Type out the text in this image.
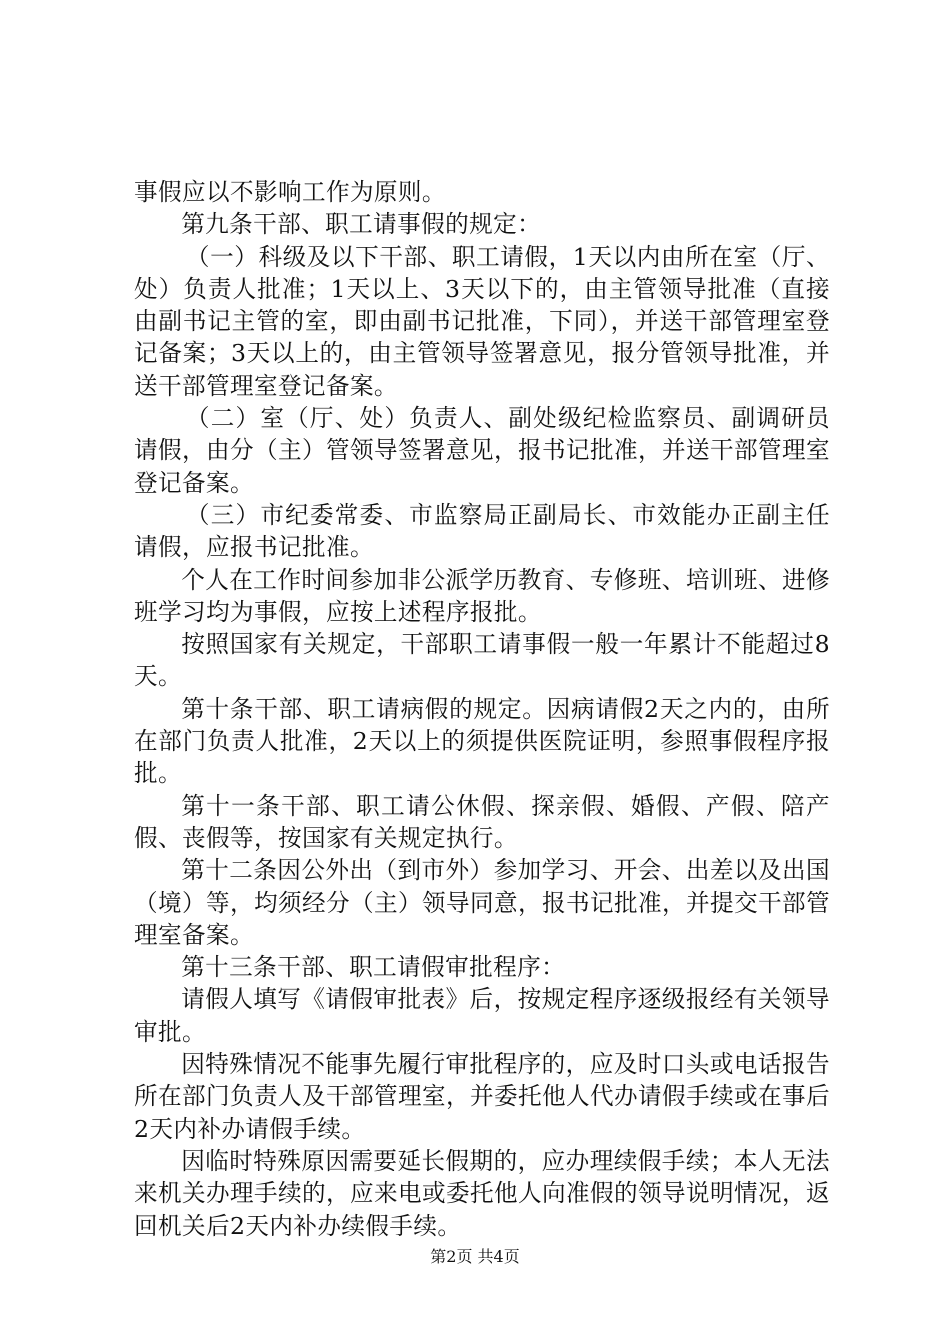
事假应以不影响工作为原则。

第九条干部、职工请事假的规定：

（一）科级及以下干部、职工请假，1天以内由所在室（厅、处）负责人批准；1天以上、3天以下的，由主管领导批准（直接由副书记主管的室，即由副书记批准，下同），并送干部管理室登记备案；3天以上的，由主管领导签署意见，报分管领导批准，并送干部管理室登记备案。

（二）室（厅、处）负责人、副处级纪检监察员、副调研员请假，由分（主）管领导签署意见，报书记批准，并送干部管理室登记备案。

（三）市纪委常委、市监察局正副局长、市效能办正副主任请假，应报书记批准。

个人在工作时间参加非公派学历教育、专修班、培训班、进修班学习均为事假，应按上述程序报批。

按照国家有关规定，干部职工请事假一般一年累计不能超过8天。

第十条干部、职工请病假的规定。因病请假2天之内的，由所在部门负责人批准，2天以上的须提供医院证明，参照事假程序报批。

第十一条干部、职工请公休假、探亲假、婚假、产假、陪产假、丧假等，按国家有关规定执行。

第十二条因公外出（到市外）参加学习、开会、出差以及出国（境）等，均须经分（主）领导同意，报书记批准，并提交干部管理室备案。

第十三条干部、职工请假审批程序：

请假人填写《请假审批表》后，按规定程序逐级报经有关领导审批。

因特殊情况不能事先履行审批程序的，应及时口头或电话报告所在部门负责人及干部管理室，并委托他人代办请假手续或在事后2天内补办请假手续。

因临时特殊原因需要延长假期的，应办理续假手续；本人无法来机关办理手续的，应来电或委托他人向准假的领导说明情况，返回机关后2天内补办续假手续。

第2页 共4页
